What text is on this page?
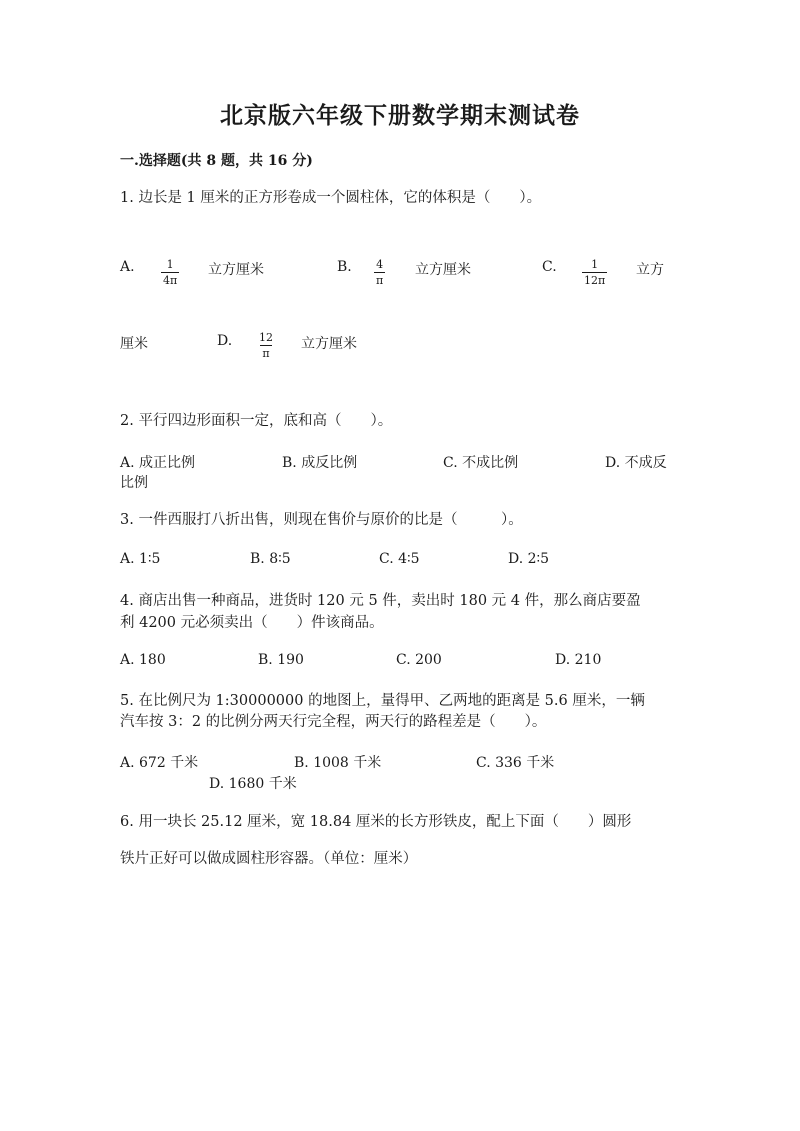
北京版六年级下册数学期末测试卷
一.选择题(共 8 题，共 16 分)
1. 边长是 1 厘米的正方形卷成一个圆柱体，它的体积是（　　）。
A. $\frac{1}{4\pi}$ 立方厘米	B. $\frac{4}{\pi}$ 立方厘米	C. $\frac{1}{12\pi}$ 立方
厘米	D. $\frac{12}{\pi}$ 立方厘米
2. 平行四边形面积一定，底和高（　　）。
A. 成正比例	B. 成反比例	C. 不成比例	D. 不成反
比例
3. 一件西服打八折出售，则现在售价与原价的比是（　　　）。
A. 1∶5	B. 8∶5	C. 4∶5	D. 2∶5
4. 商店出售一种商品，进货时 120 元 5 件，卖出时 180 元 4 件，那么商店要盈
利 4200 元必须卖出（　　）件该商品。
A. 180	B. 190	C. 200	D. 210
5. 在比例尺为 1:30000000 的地图上，量得甲、乙两地的距离是 5.6 厘米，一辆
汽车按 3：2 的比例分两天行完全程，两天行的路程差是（　　）。
A. 672 千米	B. 1008 千米	C. 336 千米
D. 1680 千米
6. 用一块长 25.12 厘米，宽 18.84 厘米的长方形铁皮，配上下面（　　）圆形
铁片正好可以做成圆柱形容器。（单位：厘米）
